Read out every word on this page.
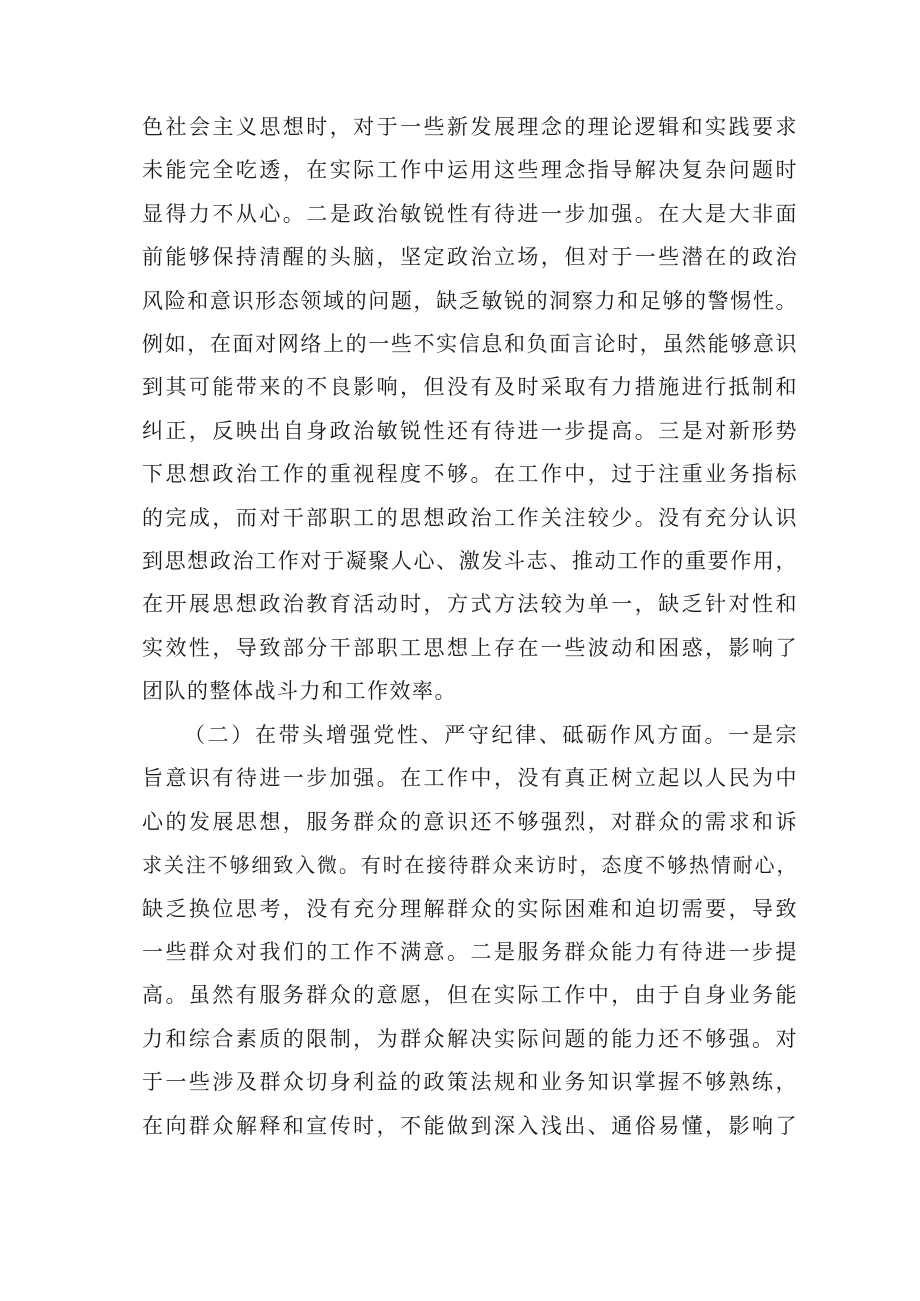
色社会主义思想时，对于一些新发展理念的理论逻辑和实践要求
未能完全吃透，在实际工作中运用这些理念指导解决复杂问题时
显得力不从心。二是政治敏锐性有待进一步加强。在大是大非面
前能够保持清醒的头脑，坚定政治立场，但对于一些潜在的政治
风险和意识形态领域的问题，缺乏敏锐的洞察力和足够的警惕性。
例如，在面对网络上的一些不实信息和负面言论时，虽然能够意识
到其可能带来的不良影响，但没有及时采取有力措施进行抵制和
纠正，反映出自身政治敏锐性还有待进一步提高。三是对新形势
下思想政治工作的重视程度不够。在工作中，过于注重业务指标
的完成，而对干部职工的思想政治工作关注较少。没有充分认识
到思想政治工作对于凝聚人心、激发斗志、推动工作的重要作用，
在开展思想政治教育活动时，方式方法较为单一，缺乏针对性和
实效性，导致部分干部职工思想上存在一些波动和困惑，影响了
团队的整体战斗力和工作效率。
（二）在带头增强党性、严守纪律、砥砺作风方面。一是宗
旨意识有待进一步加强。在工作中，没有真正树立起以人民为中
心的发展思想，服务群众的意识还不够强烈，对群众的需求和诉
求关注不够细致入微。有时在接待群众来访时，态度不够热情耐心，
缺乏换位思考，没有充分理解群众的实际困难和迫切需要，导致
一些群众对我们的工作不满意。二是服务群众能力有待进一步提
高。虽然有服务群众的意愿，但在实际工作中，由于自身业务能
力和综合素质的限制，为群众解决实际问题的能力还不够强。对
于一些涉及群众切身利益的政策法规和业务知识掌握不够熟练，
在向群众解释和宣传时，不能做到深入浅出、通俗易懂，影响了
